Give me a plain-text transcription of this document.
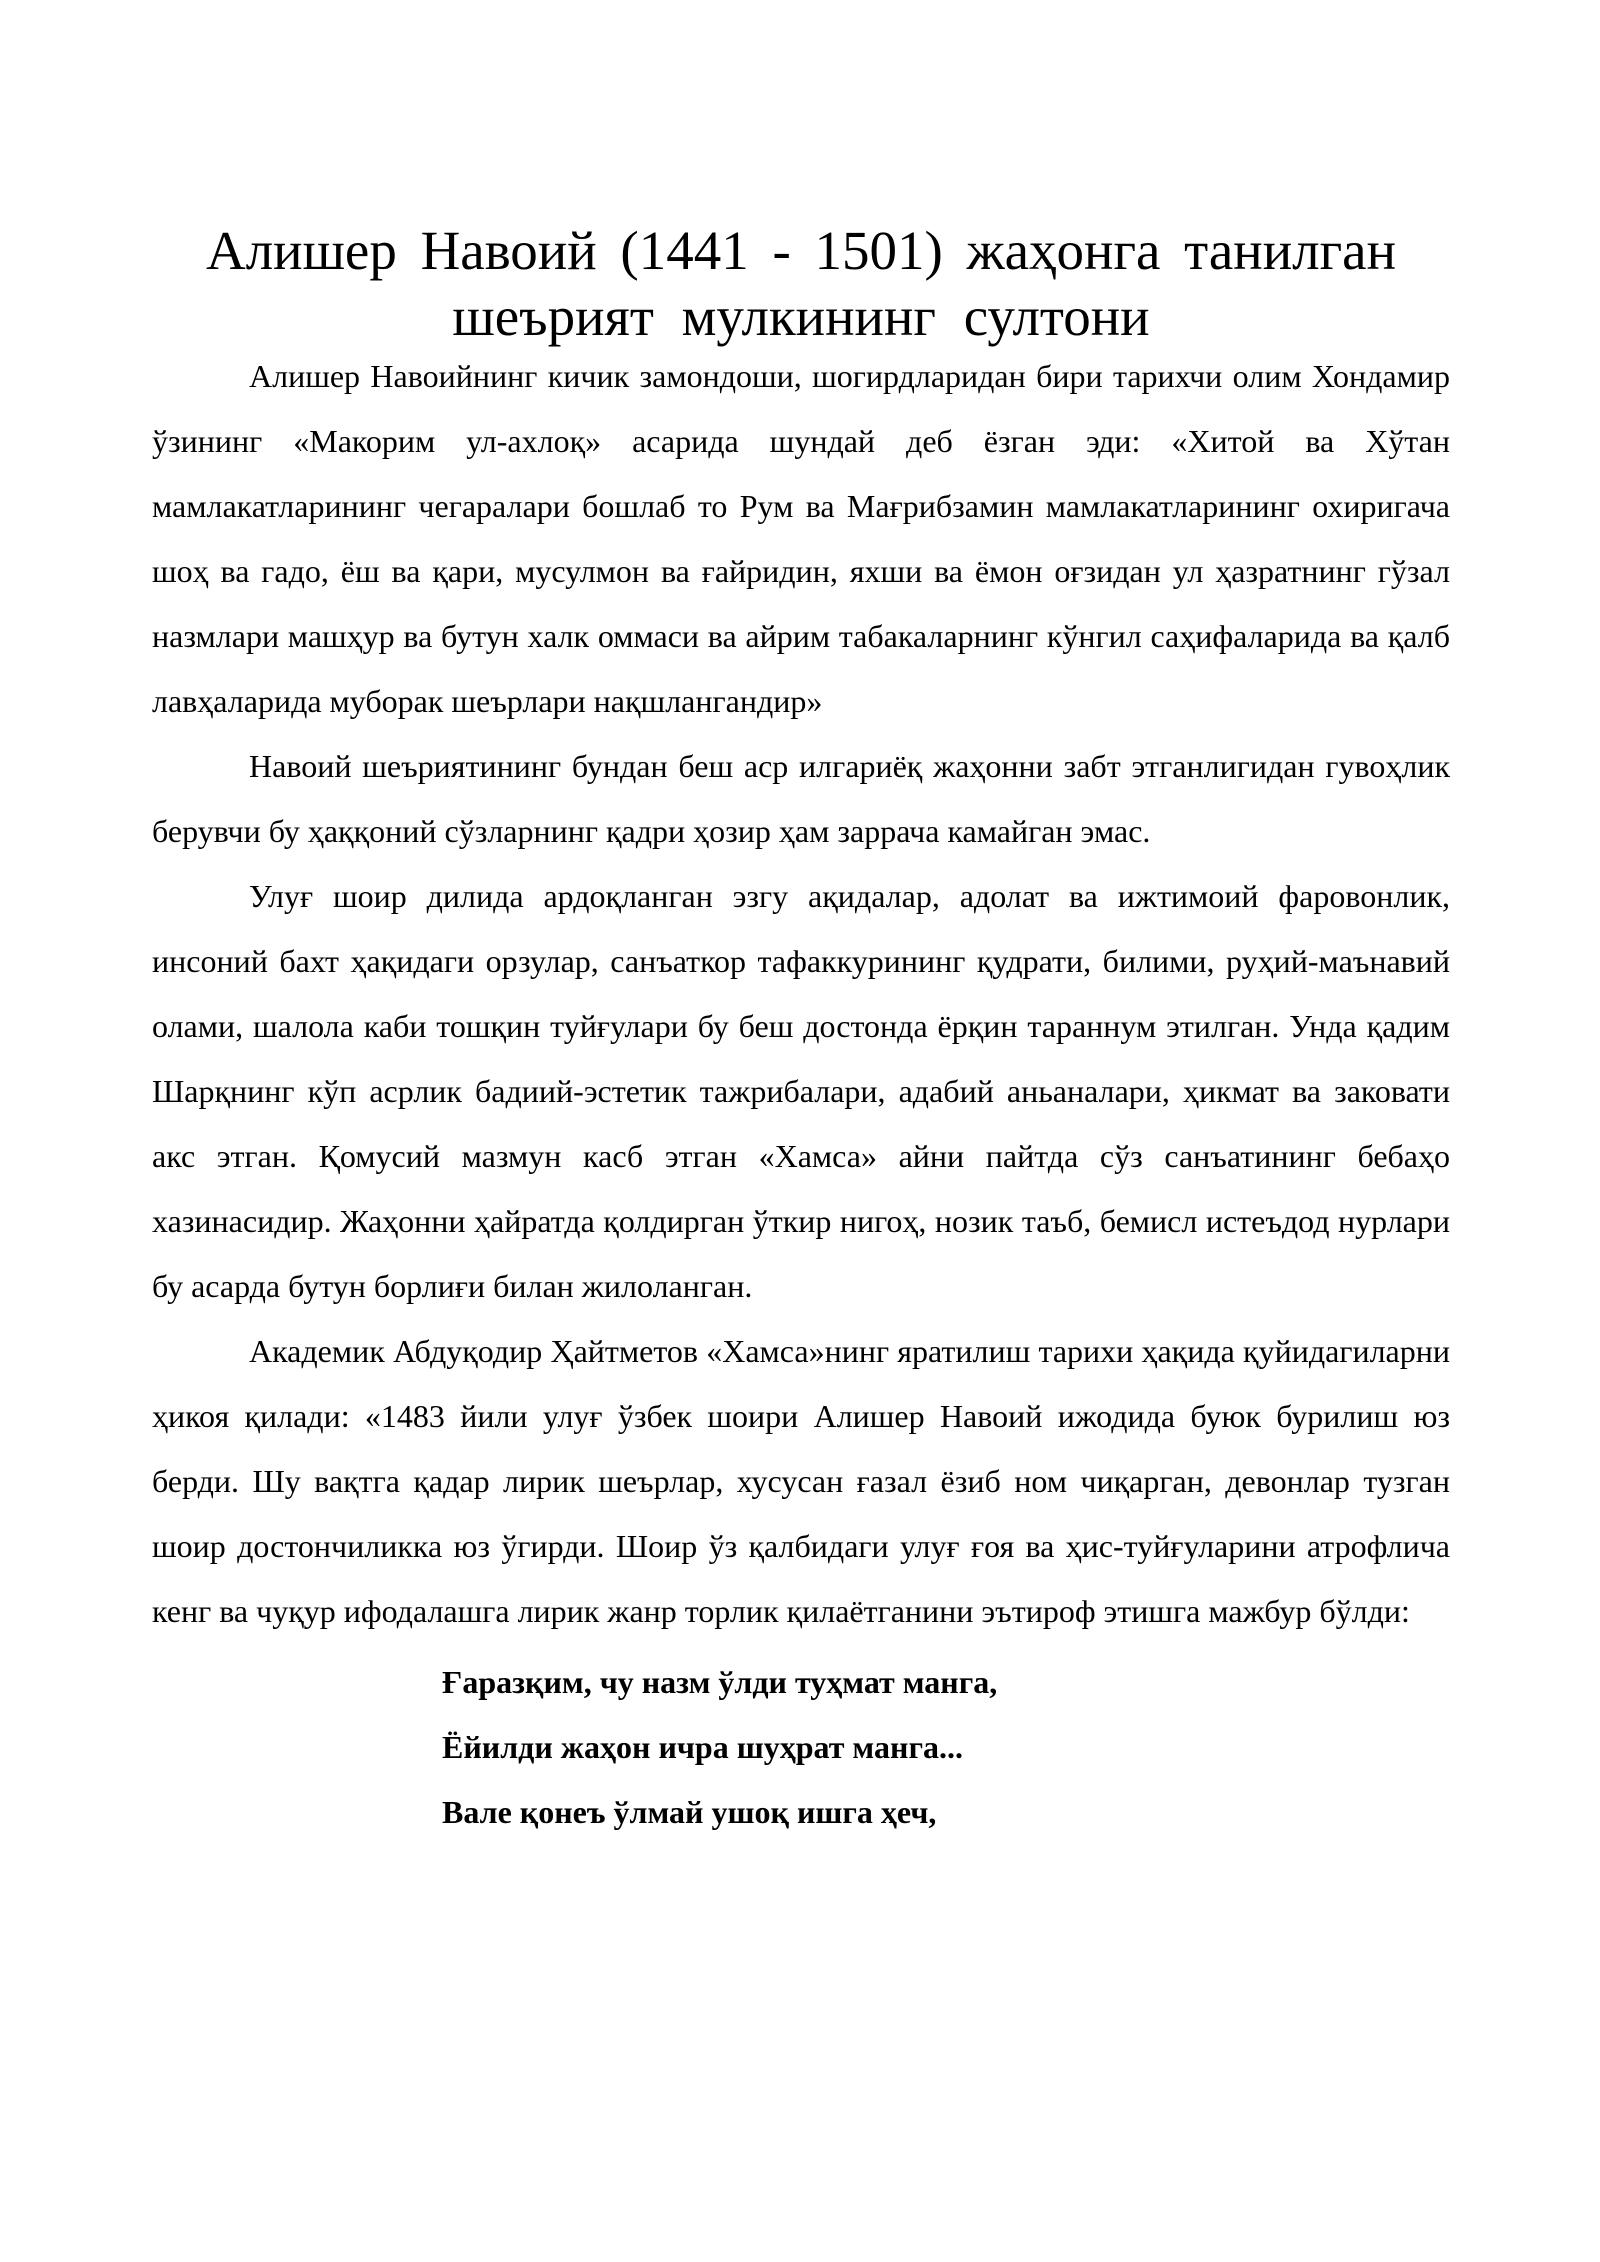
Алишер Навоий (1441 - 1501) жаҳонга танилган
шеърият мулкининг султони

Алишер Навоийнинг кичик замондоши, шогирдларидан бири тарихчи олим Хондамир ўзининг «Макорим ул-ахлоқ» асарида шундай деб ёзган эди: «Хитой ва Хўтан мамлакатларининг чегаралари бошлаб то Рум ва Мағрибзамин мамлакатларининг охиригача шоҳ ва гадо, ёш ва қари, мусулмон ва ғайридин, яхши ва ёмон оғзидан ул ҳазратнинг гўзал назмлари машҳур ва бутун халк оммаси ва айрим табакаларнинг кўнгил саҳифаларида ва қалб лавҳаларида муборак шеърлари нақшлангандир»

Навоий шеъриятининг бундан беш аср илгариёқ жаҳонни забт этганлигидан гувоҳлик берувчи бу ҳаққоний сўзларнинг қадри ҳозир ҳам заррача камайган эмас.

Улуғ шоир дилида ардоқланган эзгу ақидалар, адолат ва ижтимоий фаровонлик, инсоний бахт ҳақидаги орзулар, санъаткор тафаккурининг қудрати, билими, руҳий-маънавий олами, шалола каби тошқин туйғулари бу беш достонда ёрқин тараннум этилган. Унда қадим Шарқнинг кўп асрлик бадиий-эстетик тажрибалари, адабий аньаналари, ҳикмат ва заковати акс этган. Қомусий мазмун касб этган «Хамса» айни пайтда сўз санъатининг бебаҳо хазинасидир. Жаҳонни ҳайратда қолдирган ўткир нигоҳ, нозик таъб, бемисл истеъдод нурлари бу асарда бутун борлиғи билан жилоланган.

Академик Абдуқодир Ҳайтметов «Хамса»нинг яратилиш тарихи ҳақида қуйидагиларни ҳикоя қилади: «1483 йили улуғ ўзбек шоири Алишер Навоий ижодида буюк бурилиш юз берди. Шу вақтга қадар лирик шеърлар, хусусан ғазал ёзиб ном чиқарган, девонлар тузган шоир достончиликка юз ўгирди. Шоир ўз қалбидаги улуғ ғоя ва ҳис-туйғуларини атрофлича кенг ва чуқур ифодалашга лирик жанр торлик қилаётганини эътироф этишга мажбур бўлди:

Ғаразқим, чу назм ўлди туҳмат манга,
Ёйилди жаҳон ичра шуҳрат манга...
Вале қонеъ ўлмай ушоқ ишга ҳеч,
